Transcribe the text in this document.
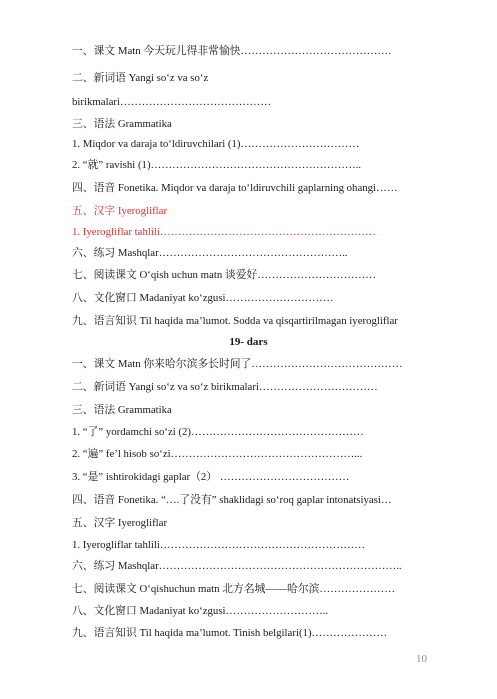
一、课文 Matn 今天玩儿得非常愉快……………………………………
二、新词语 Yangi so‘z va so‘z
birikmalari……………………………………
三、语法 Grammatika
1. Miqdor va daraja to‘ldiruvchilari (1)……………………………
2. “就” ravishi (1)…………………………………………………..
四、语音 Fonetika. Miqdor va daraja to‘ldiruvchili gaplarning ohangi……
五、汉字 Iyerogliflar
1. Iyerogliflar tahlili……………………………………………………
六、练习 Mashqlar……………………………………………..
七、阅读课文 O‘qish uchun matn 谈爱好……………………………
八、文化窗口 Madaniyat ko‘zgusi…………………………
九、语言知识 Til haqida ma’lumot. Sodda va qisqartirilmagan iyerogliflar
19- dars
一、课文 Matn 你来哈尔滨多长时间了……………………………………
二、新词语 Yangi so‘z va so‘z birikmalari……………………………
三、语法 Grammatika
1. “了” yordamchi so‘zi (2)…………………………………………
2. “遍” fe’l hisob so‘zi……………………………………………...
3. “是” ishtirokidagi gaplar（2） ………………………………
四、语音 Fonetika. “….了没有” shaklidagi so‘roq gaplar intonatsiyasi…
五、汉字 Iyerogliflar
1. Iyerogliflar tahlili…………………………………………………
六、练习 Mashqlar…………………………………………………………..
七、阅读课文 O‘qishuchun matn 北方名城——哈尔滨…………………
八、文化窗口 Madaniyat ko‘zgusi………………………..
九、语言知识 Til haqida ma’lumot. Tinish belgilari(1)…………………
10
